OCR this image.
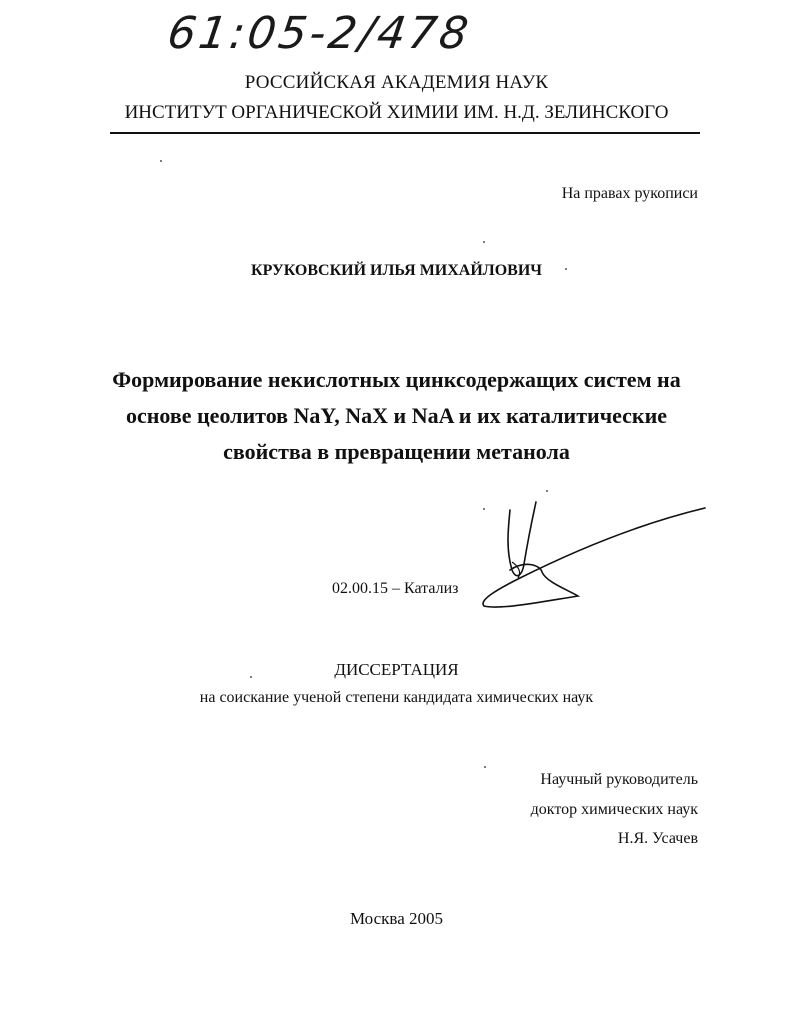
61:05-2/478
РОССИЙСКАЯ АКАДЕМИЯ НАУК
ИНСТИТУТ ОРГАНИЧЕСКОЙ ХИМИИ ИМ. Н.Д. ЗЕЛИНСКОГО
На правах рукописи
КРУКОВСКИЙ ИЛЬЯ МИХАЙЛОВИЧ
Формирование некислотных цинксодержащих систем на
основе цеолитов NaY, NaX и NaA и их каталитические
свойства в превращении метанола
02.00.15 – Катализ
ДИССЕРТАЦИЯ
на соискание ученой степени кандидата химических наук
Научный руководитель
доктор химических наук
Н.Я. Усачев
Москва 2005
